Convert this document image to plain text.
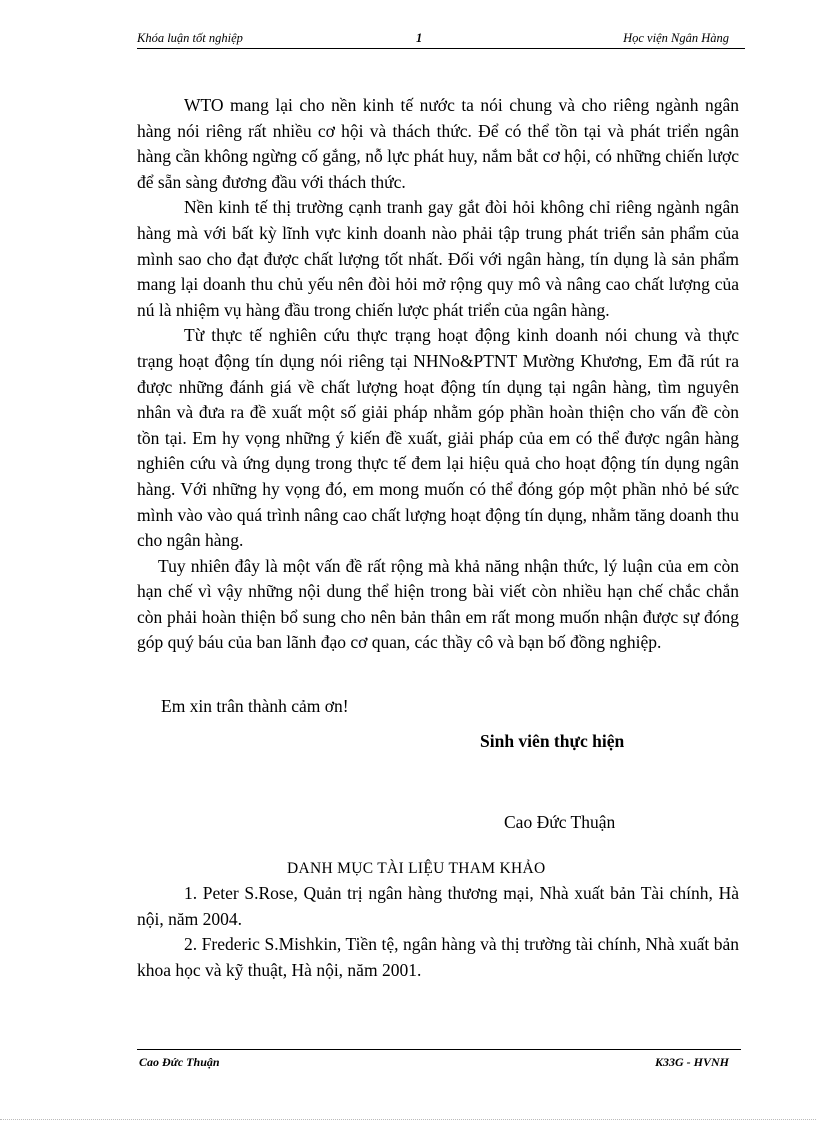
Khóa luận tốt nghiệp	1	Học viện Ngân Hàng

WTO mang lại cho nền kinh tế nước ta nói chung và cho riêng ngành ngân hàng nói riêng rất nhiều cơ hội và thách thức. Để có thể tồn tại và phát triển ngân hàng cần không ngừng cố gắng, nỗ lực phát huy, nắm bắt cơ hội, có những chiến lược để sẵn sàng đương đầu với thách thức.

Nền kinh tế thị trường cạnh tranh gay gắt đòi hỏi không chỉ riêng ngành ngân hàng mà với bất kỳ lĩnh vực kinh doanh nào phải tập trung phát triển sản phẩm của mình sao cho đạt được chất lượng tốt nhất. Đối với ngân hàng, tín dụng là sản phẩm mang lại doanh thu chủ yếu nên đòi hỏi mở rộng quy mô và nâng cao chất lượng của nú là nhiệm vụ hàng đầu trong chiến lược phát triển của ngân hàng.

Từ thực tế nghiên cứu thực trạng hoạt động kinh doanh nói chung và thực trạng hoạt động tín dụng nói riêng tại NHNo&PTNT Mường Khương, Em đã rút ra được những đánh giá về chất lượng hoạt động tín dụng tại ngân hàng, tìm nguyên nhân và đưa ra đề xuất một số giải pháp nhằm góp phần hoàn thiện cho vấn đề còn tồn tại. Em hy vọng những ý kiến đề xuất, giải pháp của em có thể được ngân hàng nghiên cứu và ứng dụng trong thực tế đem lại hiệu quả cho hoạt động tín dụng ngân hàng. Với những hy vọng đó, em mong muốn có thể đóng góp một phần nhỏ bé sức mình vào vào quá trình nâng cao chất lượng hoạt động tín dụng, nhằm tăng doanh thu cho ngân hàng.

Tuy nhiên đây là một vấn đề rất rộng mà khả năng nhận thức, lý luận của em còn hạn chế vì vậy những nội dung thể hiện trong bài viết còn nhiều hạn chế chắc chắn còn phải hoàn thiện bổ sung cho nên bản thân em rất mong muốn nhận được sự đóng góp quý báu của ban lãnh đạo cơ quan, các thầy cô và bạn bố đồng nghiệp.

Em xin trân thành cảm ơn!
Sinh viên thực hiện
Cao Đức Thuận
DANH MỤC TÀI LIỆU THAM KHẢO

1. Peter S.Rose, Quản trị ngân hàng thương mại, Nhà xuất bản Tài chính, Hà nội, năm 2004.

2. Frederic S.Mishkin, Tiền tệ, ngân hàng và thị trường tài chính, Nhà xuất bản khoa học và kỹ thuật, Hà nội, năm 2001.

Cao Đức Thuận	K33G - HVNH
